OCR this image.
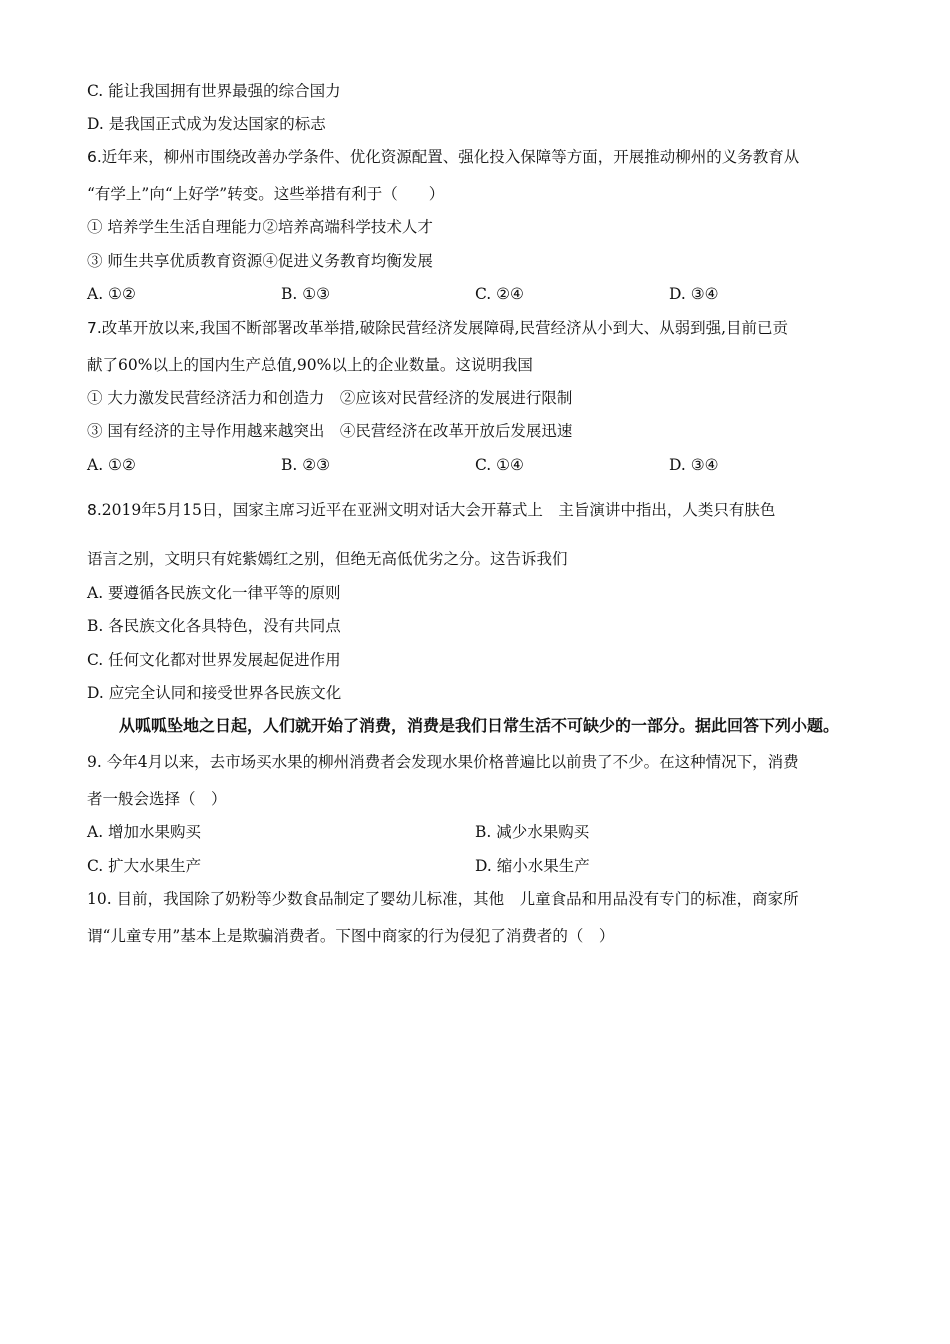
C. 能让我国拥有世界最强的综合国力
D. 是我国正式成为发达国家的标志
6.近年来，柳州市围绕改善办学条件、优化资源配置、强化投入保障等方面，开展推动柳州的义务教育从
“有学上”向“上好学”转变。这些举措有利于（　　）
① 培养学生生活自理能力②培养高端科学技术人才
③ 师生共享优质教育资源④促进义务教育均衡发展
A. ①②	B. ①③	C. ②④	D. ③④
7.改革开放以来,我国不断部署改革举措,破除民营经济发展障碍,民营经济从小到大、从弱到强,目前已贡
献了60%以上的国内生产总值,90%以上的企业数量。这说明我国
① 大力激发民营经济活力和创造力　②应该对民营经济的发展进行限制
③ 国有经济的主导作用越来越突出　④民营经济在改革开放后发展迅速
A. ①②	B. ②③	C. ①④	D. ③④
8.2019年5月15日，国家主席习近平在亚洲文明对话大会开幕式上　主旨演讲中指出，人类只有肤色
语言之别，文明只有姹紫嫣红之别，但绝无高低优劣之分。这告诉我们
A. 要遵循各民族文化一律平等的原则
B. 各民族文化各具特色，没有共同点
C. 任何文化都对世界发展起促进作用
D. 应完全认同和接受世界各民族文化
从呱呱坠地之日起，人们就开始了消费，消费是我们日常生活不可缺少的一部分。据此回答下列小题。
9. 今年4月以来，去市场买水果的柳州消费者会发现水果价格普遍比以前贵了不少。在这种情况下，消费
者一般会选择（　）
A. 增加水果购买	B. 减少水果购买
C. 扩大水果生产	D. 缩小水果生产
10. 目前，我国除了奶粉等少数食品制定了婴幼儿标准，其他　儿童食品和用品没有专门的标准，商家所
谓“儿童专用”基本上是欺骗消费者。下图中商家的行为侵犯了消费者的（　）
